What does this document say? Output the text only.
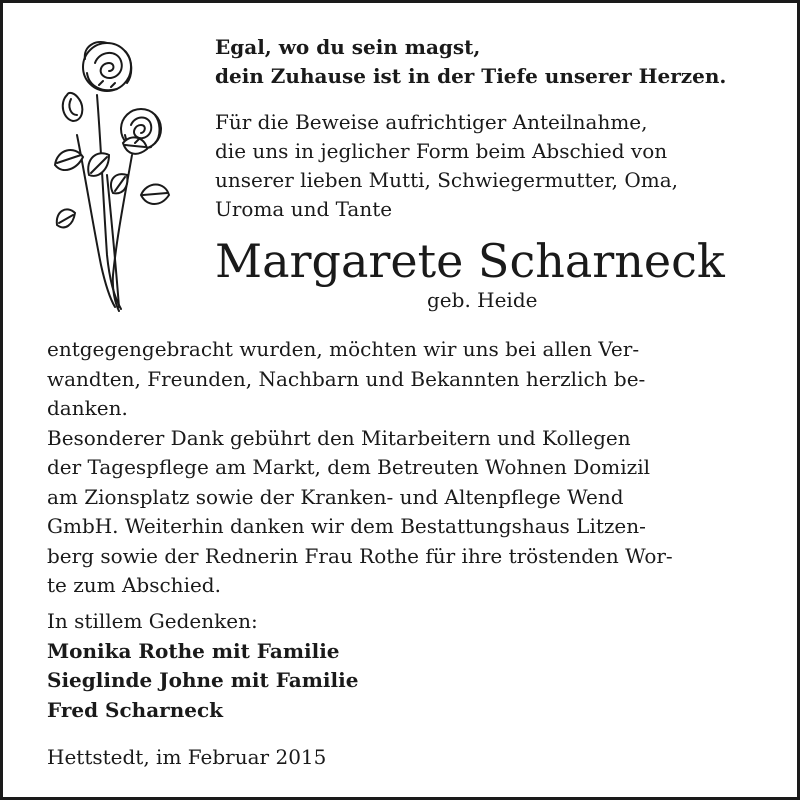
Egal, wo du sein magst,
dein Zuhause ist in der Tiefe unserer Herzen.

Für die Beweise aufrichtiger Anteilnahme,
die uns in jeglicher Form beim Abschied von
unserer lieben Mutti, Schwiegermutter, Oma,
Uroma und Tante

Margarete Scharneck

geb. Heide

entgegengebracht wurden, möchten wir uns bei allen Ver-
wandten, Freunden, Nachbarn und Bekannten herzlich be-
danken.
Besonderer Dank gebührt den Mitarbeitern und Kollegen
der Tagespflege am Markt, dem Betreuten Wohnen Domizil
am Zionsplatz sowie der Kranken- und Altenpflege Wend
GmbH. Weiterhin danken wir dem Bestattungshaus Litzen-
berg sowie der Rednerin Frau Rothe für ihre tröstenden Wor-
te zum Abschied.

In stillem Gedenken:
Monika Rothe mit Familie
Sieglinde Johne mit Familie
Fred Scharneck

Hettstedt, im Februar 2015
